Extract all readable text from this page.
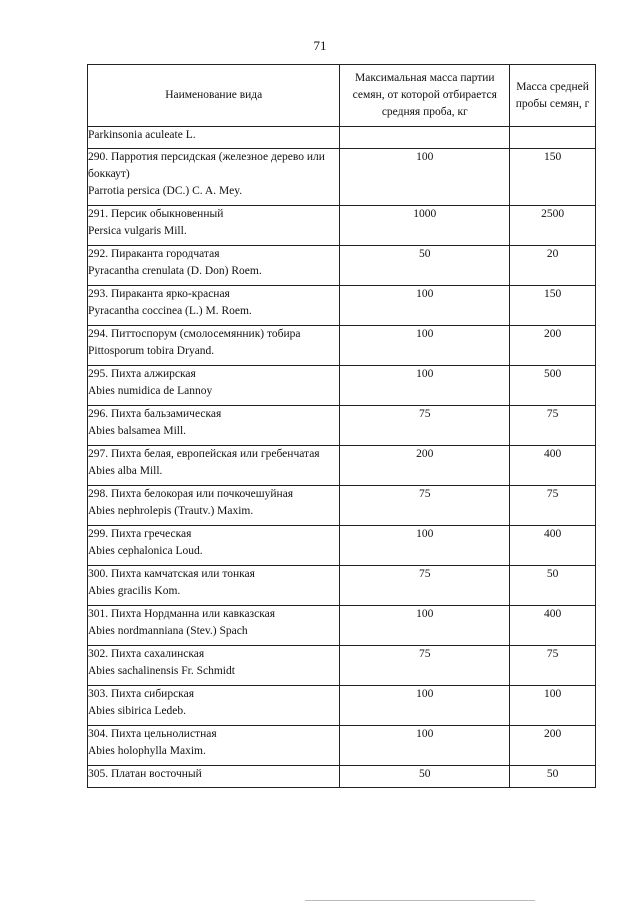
71
Наименование вида	Максимальная масса партии семян, от которой отбирается средняя проба, кг	Масса средней пробы семян, г

Parkinsonia aculeate L.		

290. Парротия персидская (железное дерево или боккаут)
Parrotia persica (DC.) C. A. Mey.	100	150

291. Персик обыкновенный
Persica vulgaris Mill.	1000	2500

292. Пираканта городчатая
Pyracantha crenulata (D. Don) Roem.	50	20

293. Пираканта ярко-красная
Pyracantha coccinea (L.) M. Roem.	100	150

294. Питтоспорум (смолосемянник) тобира
Pittosporum tobira Dryand.	100	200

295. Пихта алжирская
Abies numidica de Lannoy	100	500

296. Пихта бальзамическая
Abies balsamea Mill.	75	75

297. Пихта белая, европейская или гребенчатая
Abies alba Mill.	200	400

298. Пихта белокорая или почкочешуйная
Abies nephrolepis (Trautv.) Maxim.	75	75

299. Пихта греческая
Abies cephalonica Loud.	100	400

300. Пихта камчатская или тонкая
Abies gracilis Kom.	75	50

301. Пихта Нордманна или кавказская
Abies nordmanniana (Stev.) Spach	100	400

302. Пихта сахалинская
Abies sachalinensis Fr. Schmidt	75	75

303. Пихта сибирская
Abies sibirica Ledeb.	100	100

304. Пихта цельнолистная
Abies holophylla Maxim.	100	200

305. Платан восточный	50	50
